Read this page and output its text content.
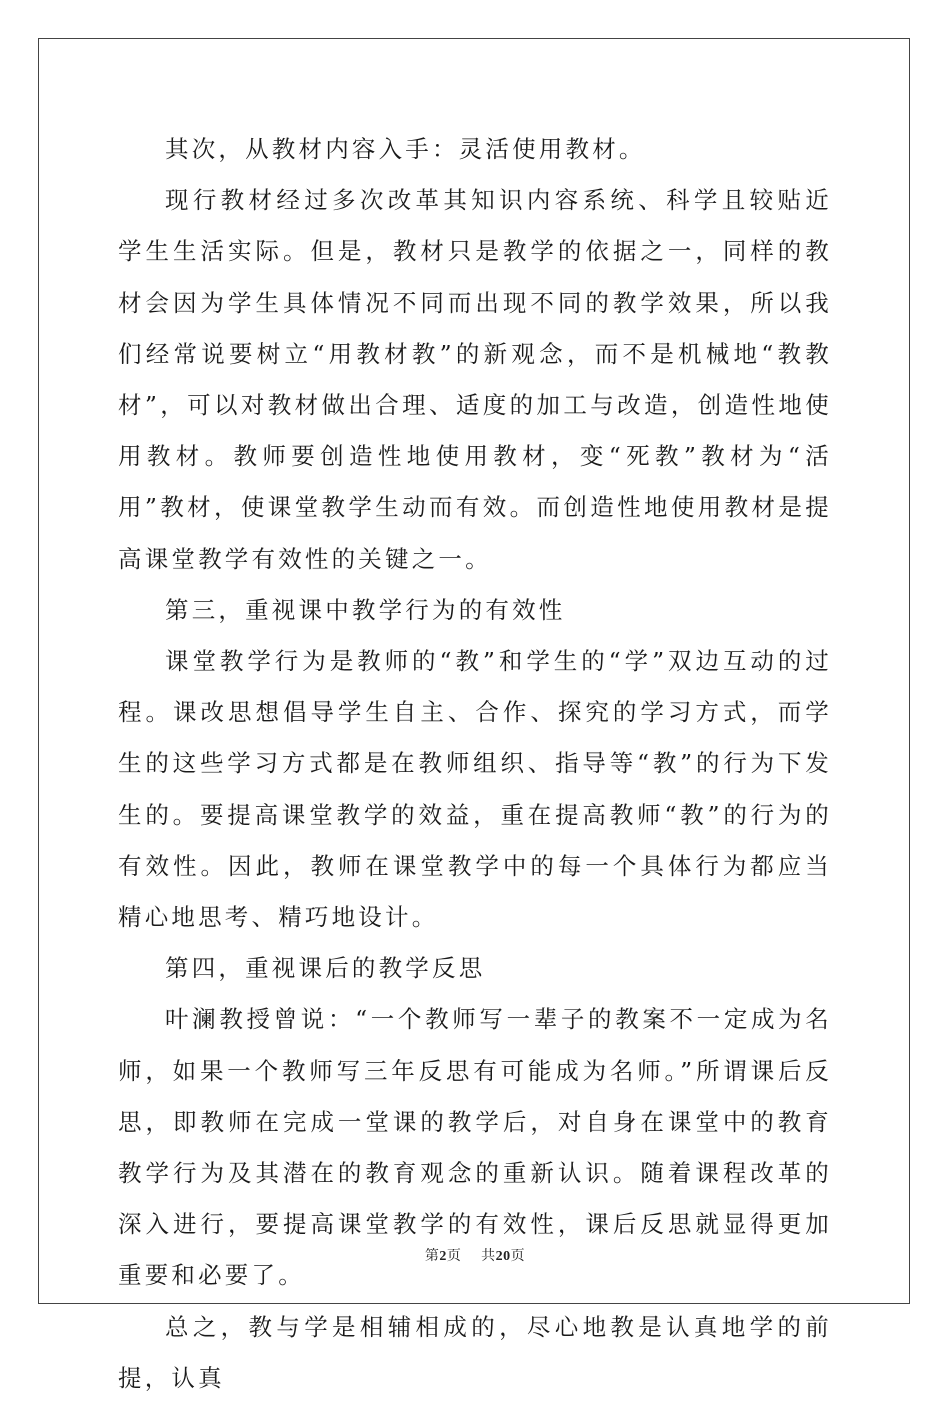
其次，从教材内容入手：灵活使用教材。

现行教材经过多次改革其知识内容系统、科学且较贴近学生生活实际。但是，教材只是教学的依据之一，同样的教材会因为学生具体情况不同而出现不同的教学效果，所以我们经常说要树立“用教材教”的新观念，而不是机械地“教教材”，可以对教材做出合理、适度的加工与改造，创造性地使用教材。教师要创造性地使用教材，变“死教”教材为“活用”教材，使课堂教学生动而有效。而创造性地使用教材是提高课堂教学有效性的关键之一。

第三，重视课中教学行为的有效性

课堂教学行为是教师的“教”和学生的“学”双边互动的过程。课改思想倡导学生自主、合作、探究的学习方式，而学生的这些学习方式都是在教师组织、指导等“教”的行为下发生的。要提高课堂教学的效益，重在提高教师“教”的行为的有效性。因此，教师在课堂教学中的每一个具体行为都应当精心地思考、精巧地设计。

第四，重视课后的教学反思

叶澜教授曾说：“一个教师写一辈子的教案不一定成为名师，如果一个教师写三年反思有可能成为名师。”所谓课后反思，即教师在完成一堂课的教学后，对自身在课堂中的教育教学行为及其潜在的教育观念的重新认识。随着课程改革的深入进行，要提高课堂教学的有效性，课后反思就显得更加重要和必要了。

总之，教与学是相辅相成的，尽心地教是认真地学的前提，认真

第2页 共20页
